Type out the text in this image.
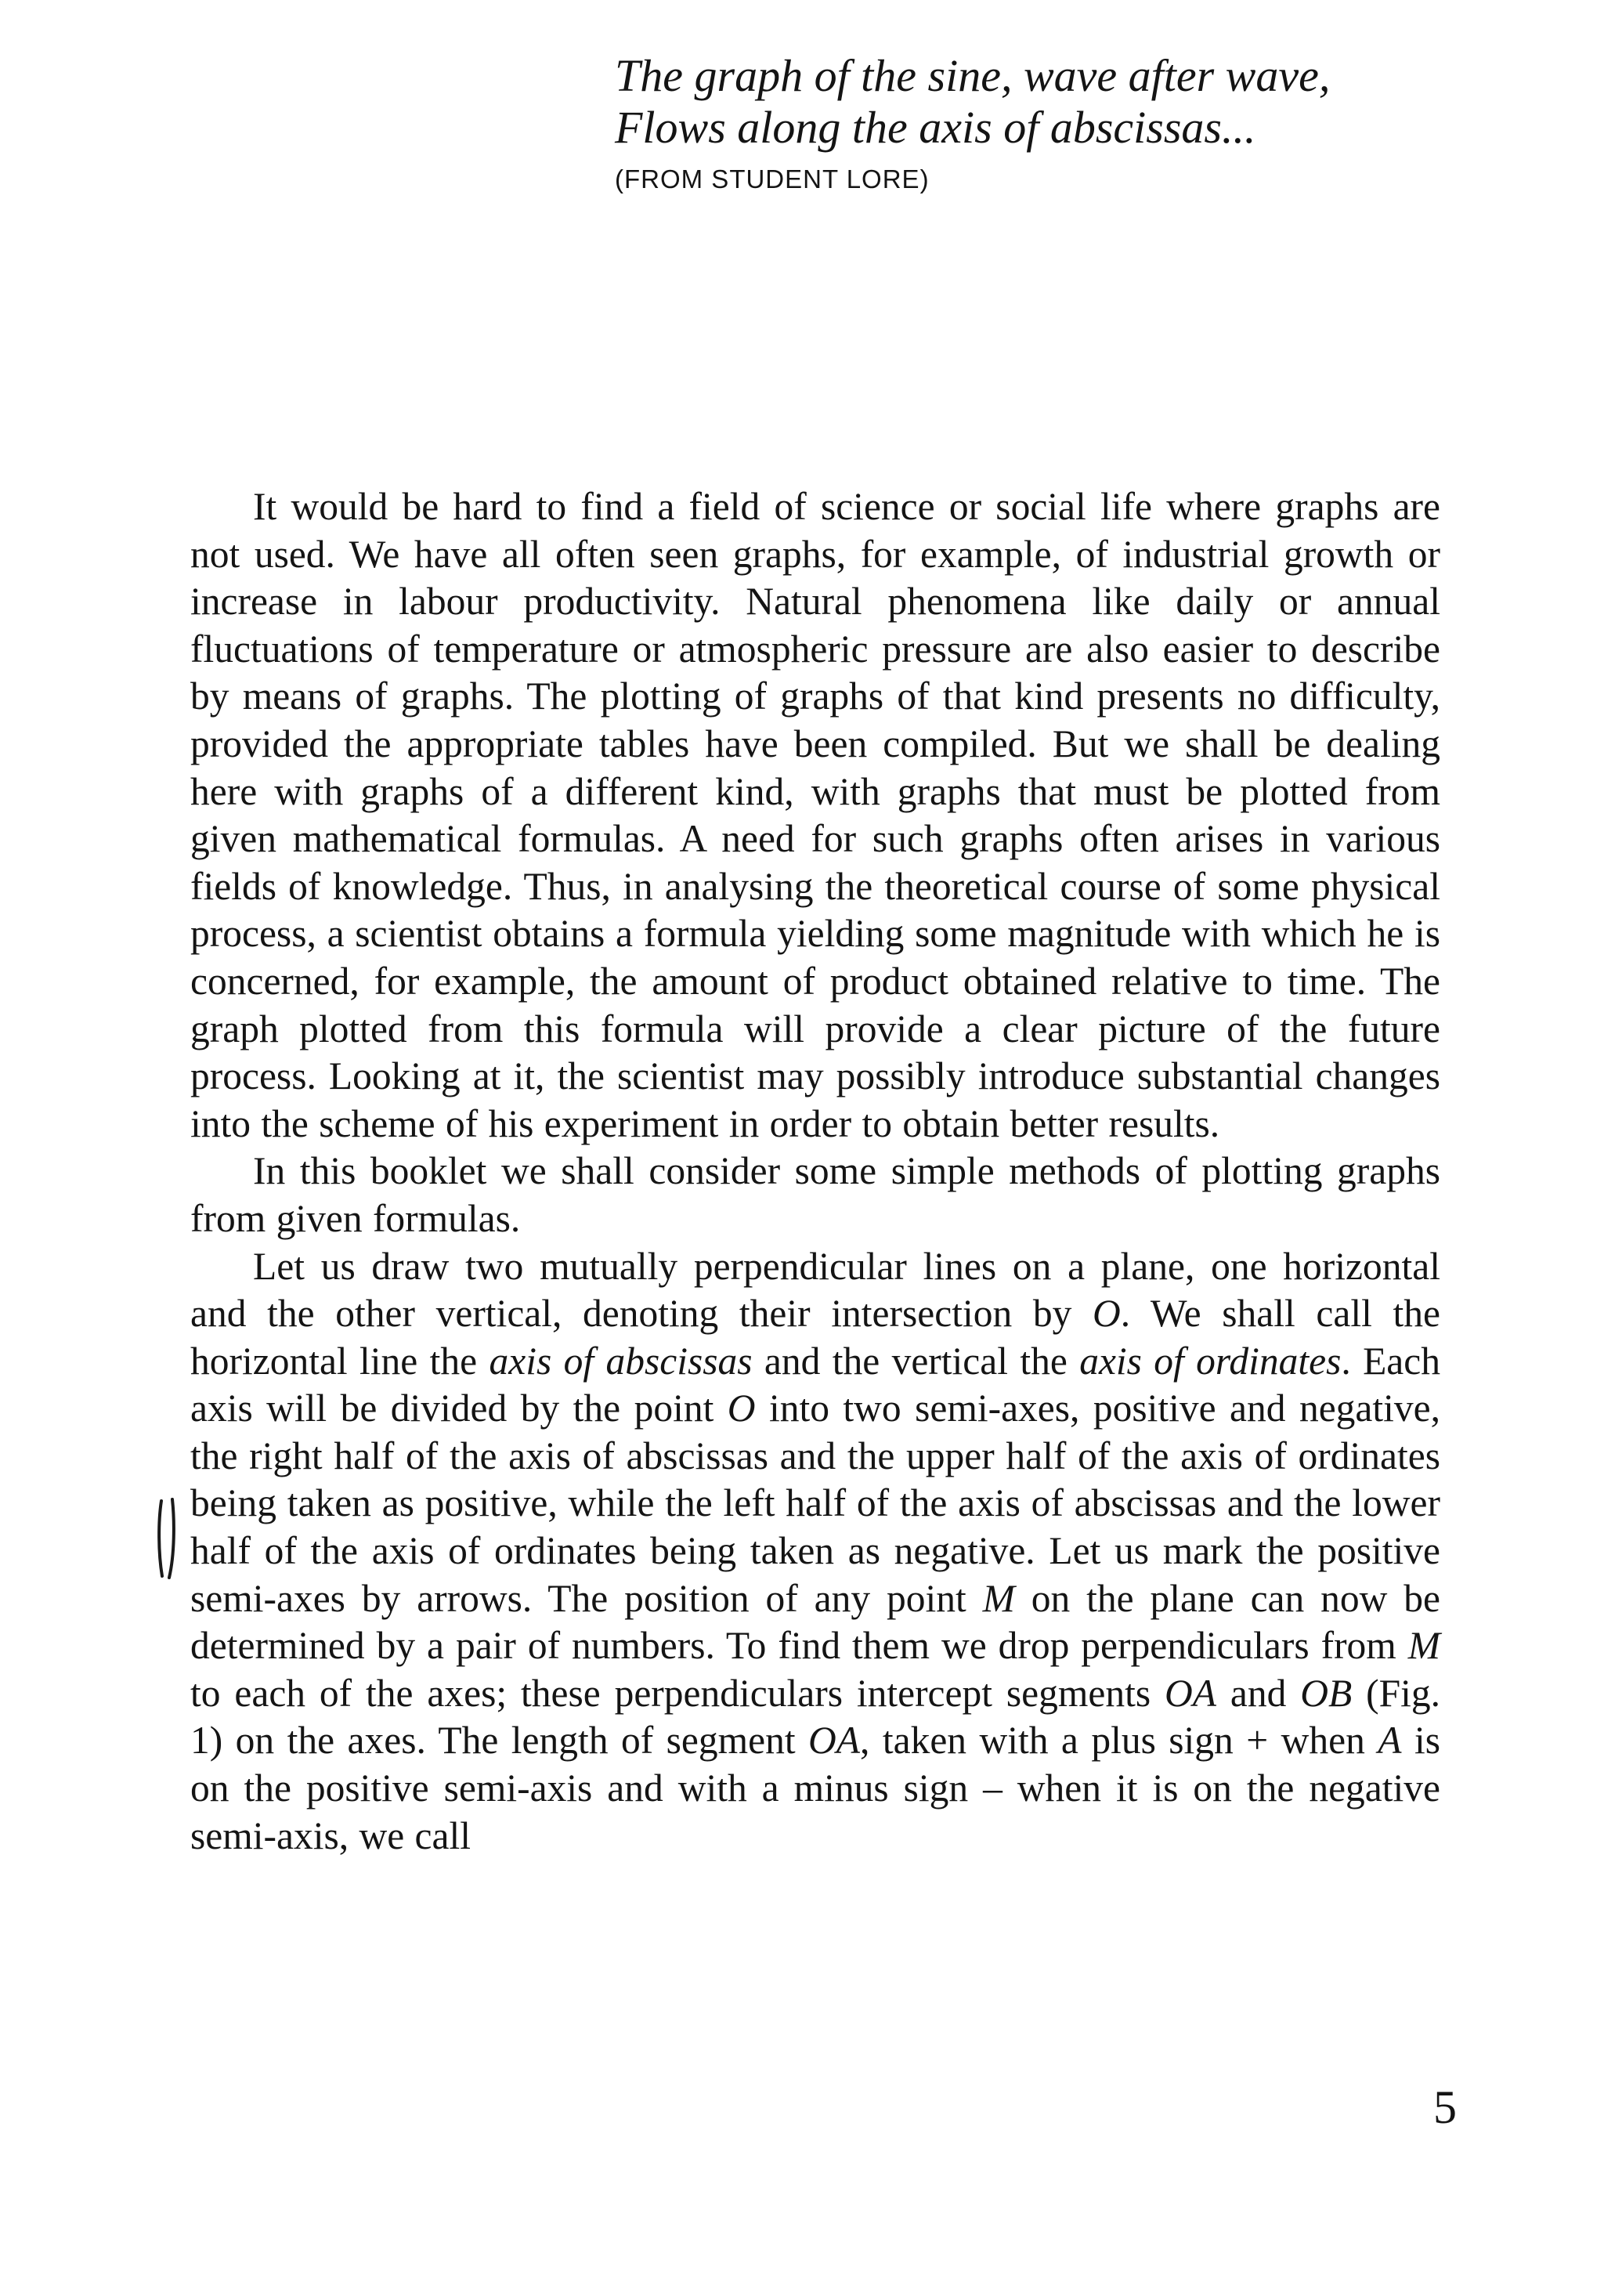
The graph of the sine, wave after wave,
Flows along the axis of abscissas...
(FROM STUDENT LORE)

It would be hard to find a field of science or social life where graphs are not used. We have all often seen graphs, for example, of industrial growth or increase in labour productivity. Natural phenomena like daily or annual fluctuations of temperature or atmospheric pressure are also easier to describe by means of graphs. The plotting of graphs of that kind presents no difficulty, provided the appropriate tables have been compiled. But we shall be dealing here with graphs of a different kind, with graphs that must be plotted from given mathematical formulas. A need for such graphs often arises in various fields of knowledge. Thus, in analysing the theoretical course of some physical process, a scientist obtains a formula yielding some magnitude with which he is concerned, for example, the amount of product obtained relative to time. The graph plotted from this formula will provide a clear picture of the future process. Looking at it, the scientist may possibly introduce substantial changes into the scheme of his experiment in order to obtain better results.

In this booklet we shall consider some simple methods of plotting graphs from given formulas.

Let us draw two mutually perpendicular lines on a plane, one horizontal and the other vertical, denoting their intersection by O. We shall call the horizontal line the axis of abscissas and the vertical the axis of ordinates. Each axis will be divided by the point O into two semi-axes, positive and negative, the right half of the axis of abscissas and the upper half of the axis of ordinates being taken as positive, while the left half of the axis of abscissas and the lower half of the axis of ordinates being taken as negative. Let us mark the positive semi-axes by arrows. The position of any point M on the plane can now be determined by a pair of numbers. To find them we drop perpendiculars from M to each of the axes; these perpendiculars intercept segments OA and OB (Fig. 1) on the axes. The length of segment OA, taken with a plus sign + when A is on the positive semi-axis and with a minus sign – when it is on the negative semi-axis, we call

5
